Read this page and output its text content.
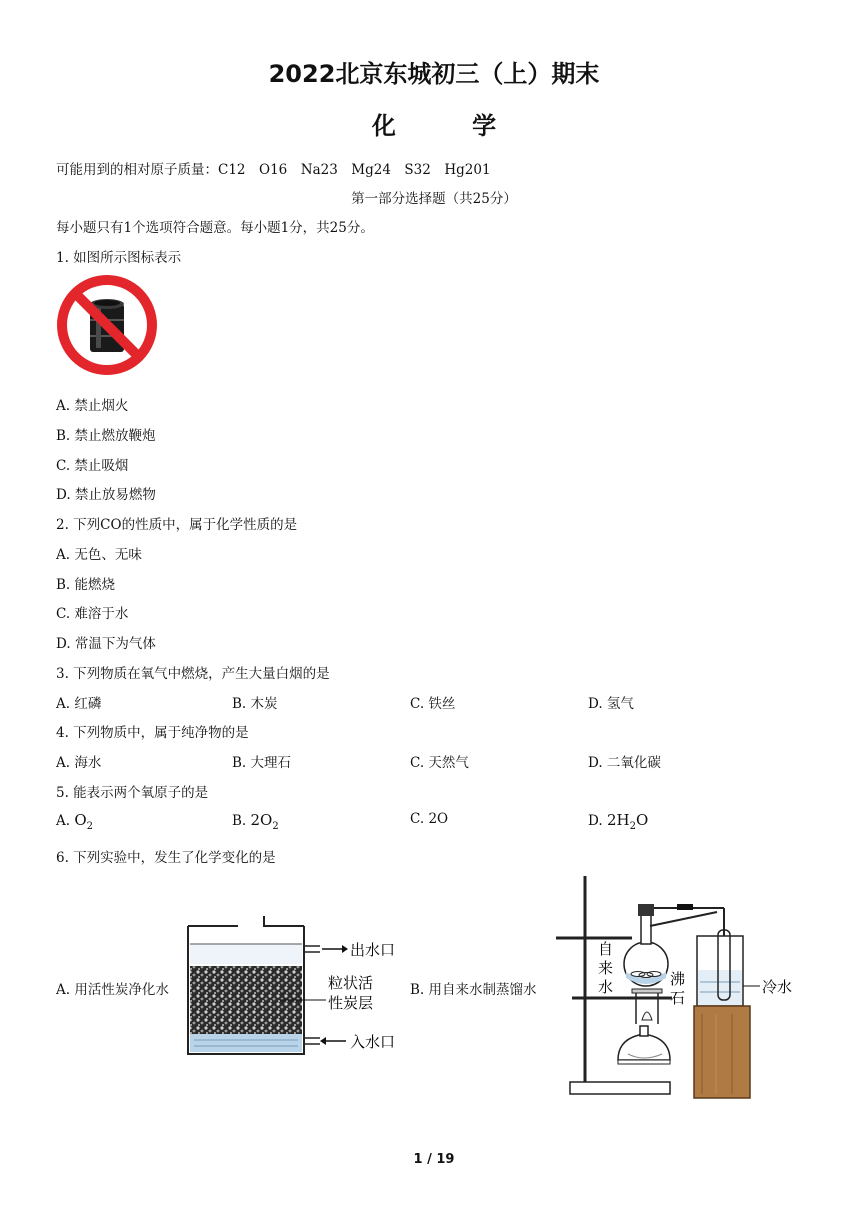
2022北京东城初三（上）期末
化 学
可能用到的相对原子质量：C12　O16　Na23　Mg24　S32　Hg201
第一部分选择题（共25分）
每小题只有1个选项符合题意。每小题1分，共25分。
1. 如图所示图标表示
A. 禁止烟火
B. 禁止燃放鞭炮
C. 禁止吸烟
D. 禁止放易燃物
2. 下列CO的性质中，属于化学性质的是
A. 无色、无味
B. 能燃烧
C. 难溶于水
D. 常温下为气体
3. 下列物质在氧气中燃烧，产生大量白烟的是
A. 红磷	B. 木炭	C. 铁丝	D. 氢气
4. 下列物质中，属于纯净物的是
A. 海水	B. 大理石	C. 天然气	D. 二氧化碳
5. 能表示两个氧原子的是
A. $O_2$	B. $2O_2$	C. 2O	D. $2H_2O$
6. 下列实验中，发生了化学变化的是
A. 用活性炭净化水	B. 用自来水制蒸馏水
出水口
粒状活
性炭层
入水口
自
来
水	沸
石
冷水
1 / 19
